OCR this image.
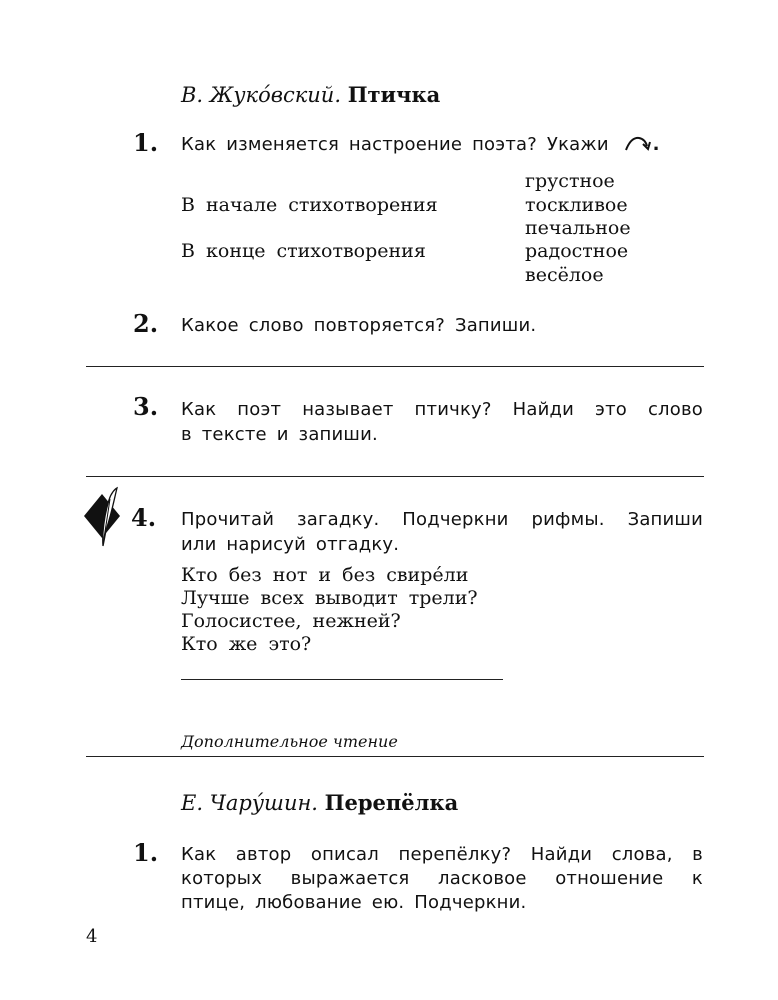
В. Жуко́вский. Птичка
1. Как изменяется настроение поэта? Укажи .
В начале стихотворения
В конце стихотворения
грустное
тоскливое
печальное
радостное
весёлое
2. Какое слово повторяется? Запиши.
3. Как поэт называет птичку? Найди это слово
в тексте и запиши.
4. Прочитай загадку. Подчеркни рифмы. Запиши
или нарисуй отгадку.
Кто без нот и без свире́ли
Лучше всех выводит трели?
Голосистее, нежней?
Кто же это?
Дополнительное чтение
Е. Чару́шин. Перепёлка
1. Как автор описал перепёлку? Найди слова, в
которых выражается ласковое отношение к
птице, любование ею. Подчеркни.
4
